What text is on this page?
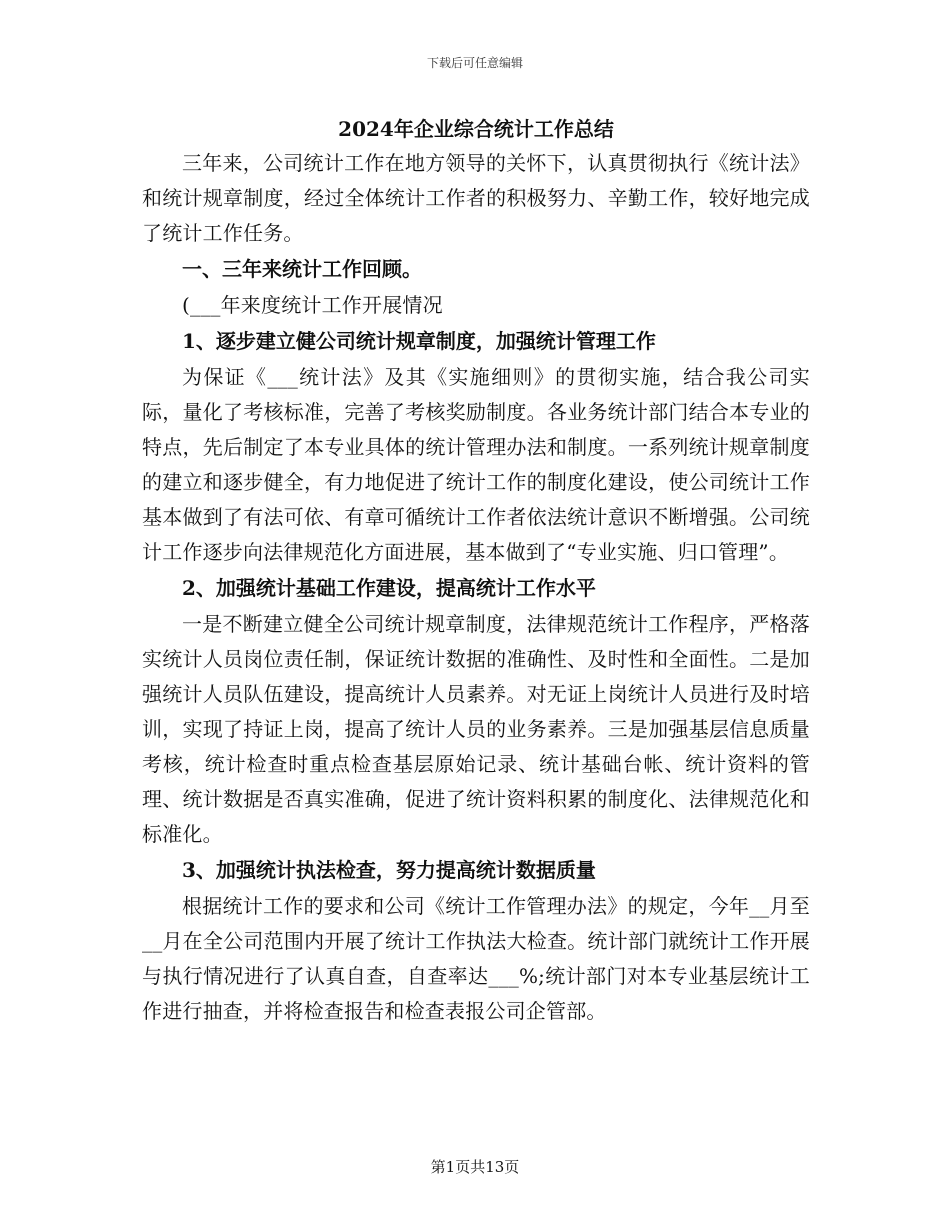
下载后可任意编辑

2024年企业综合统计工作总结

三年来，公司统计工作在地方领导的关怀下，认真贯彻执行《统计法》和统计规章制度，经过全体统计工作者的积极努力、辛勤工作，较好地完成了统计工作任务。

一、三年来统计工作回顾。

(___年来度统计工作开展情况

1、逐步建立健公司统计规章制度，加强统计管理工作

为保证《___统计法》及其《实施细则》的贯彻实施，结合我公司实际，量化了考核标准，完善了考核奖励制度。各业务统计部门结合本专业的特点，先后制定了本专业具体的统计管理办法和制度。一系列统计规章制度的建立和逐步健全，有力地促进了统计工作的制度化建设，使公司统计工作基本做到了有法可依、有章可循统计工作者依法统计意识不断增强。公司统计工作逐步向法律规范化方面进展，基本做到了“专业实施、归口管理”。

2、加强统计基础工作建设，提高统计工作水平

一是不断建立健全公司统计规章制度，法律规范统计工作程序，严格落实统计人员岗位责任制，保证统计数据的准确性、及时性和全面性。二是加强统计人员队伍建设，提高统计人员素养。对无证上岗统计人员进行及时培训，实现了持证上岗，提高了统计人员的业务素养。三是加强基层信息质量考核，统计检查时重点检查基层原始记录、统计基础台帐、统计资料的管理、统计数据是否真实准确，促进了统计资料积累的制度化、法律规范化和标准化。

3、加强统计执法检查，努力提高统计数据质量

根据统计工作的要求和公司《统计工作管理办法》的规定，今年__月至__月在全公司范围内开展了统计工作执法大检查。统计部门就统计工作开展与执行情况进行了认真自查，自查率达___%;统计部门对本专业基层统计工作进行抽查，并将检查报告和检查表报公司企管部。

第1页共13页
